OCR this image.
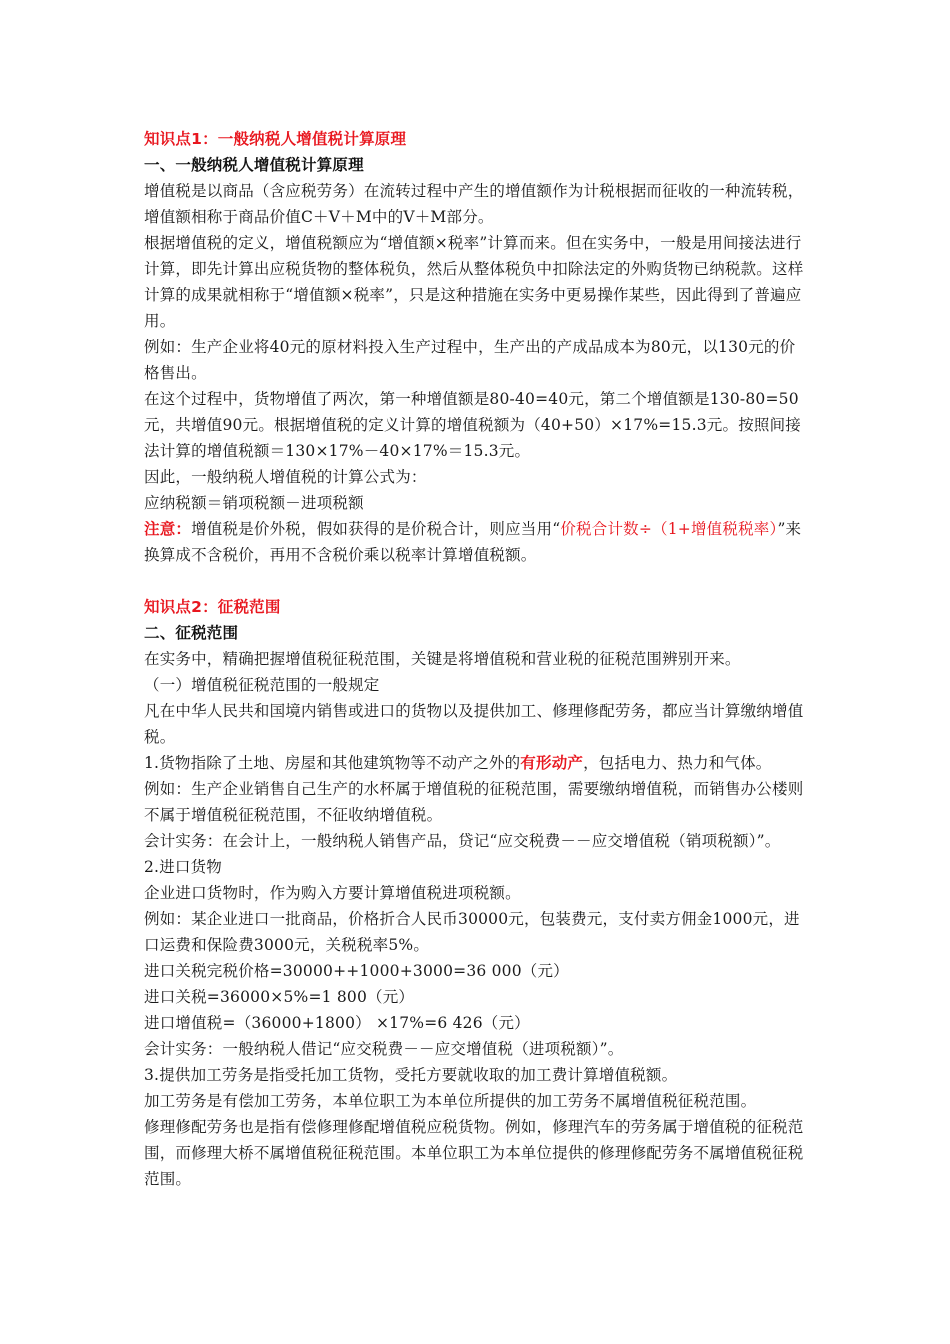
知识点1：一般纳税人增值税计算原理

一、一般纳税人增值税计算原理

增值税是以商品（含应税劳务）在流转过程中产生的增值额作为计税根据而征收的一种流转税，增值额相称于商品价值C＋V＋M中的V＋M部分。

根据增值税的定义，增值税额应为“增值额×税率”计算而来。但在实务中，一般是用间接法进行计算，即先计算出应税货物的整体税负，然后从整体税负中扣除法定的外购货物已纳税款。这样计算的成果就相称于“增值额×税率”，只是这种措施在实务中更易操作某些，因此得到了普遍应用。

例如：生产企业将40元的原材料投入生产过程中，生产出的产成品成本为80元，以130元的价格售出。

在这个过程中，货物增值了两次，第一种增值额是80-40=40元，第二个增值额是130-80=50元，共增值90元。根据增值税的定义计算的增值税额为（40+50）×17%=15.3元。按照间接法计算的增值税额＝130×17%－40×17%＝15.3元。

因此，一般纳税人增值税的计算公式为：

应纳税额＝销项税额－进项税额

注意：增值税是价外税，假如获得的是价税合计，则应当用“价税合计数÷（1+增值税税率）”来换算成不含税价，再用不含税价乘以税率计算增值税额。

知识点2：征税范围

二、征税范围

在实务中，精确把握增值税征税范围，关键是将增值税和营业税的征税范围辨别开来。

（一）增值税征税范围的一般规定

凡在中华人民共和国境内销售或进口的货物以及提供加工、修理修配劳务，都应当计算缴纳增值税。

1.货物指除了土地、房屋和其他建筑物等不动产之外的有形动产，包括电力、热力和气体。

例如：生产企业销售自己生产的水杯属于增值税的征税范围，需要缴纳增值税，而销售办公楼则不属于增值税征税范围，不征收纳增值税。

会计实务：在会计上，一般纳税人销售产品，贷记“应交税费－－应交增值税（销项税额）”。

2.进口货物

企业进口货物时，作为购入方要计算增值税进项税额。

例如：某企业进口一批商品，价格折合人民币30000元，包装费元，支付卖方佣金1000元，进口运费和保险费3000元，关税税率5%。

进口关税完税价格=30000++1000+3000=36 000（元）

进口关税=36000×5%=1 800（元）

进口增值税=（36000+1800） ×17%=6 426（元）

会计实务：一般纳税人借记“应交税费－－应交增值税（进项税额）”。

3.提供加工劳务是指受托加工货物，受托方要就收取的加工费计算增值税额。

加工劳务是有偿加工劳务，本单位职工为本单位所提供的加工劳务不属增值税征税范围。

修理修配劳务也是指有偿修理修配增值税应税货物。例如，修理汽车的劳务属于增值税的征税范围，而修理大桥不属增值税征税范围。本单位职工为本单位提供的修理修配劳务不属增值税征税范围。
